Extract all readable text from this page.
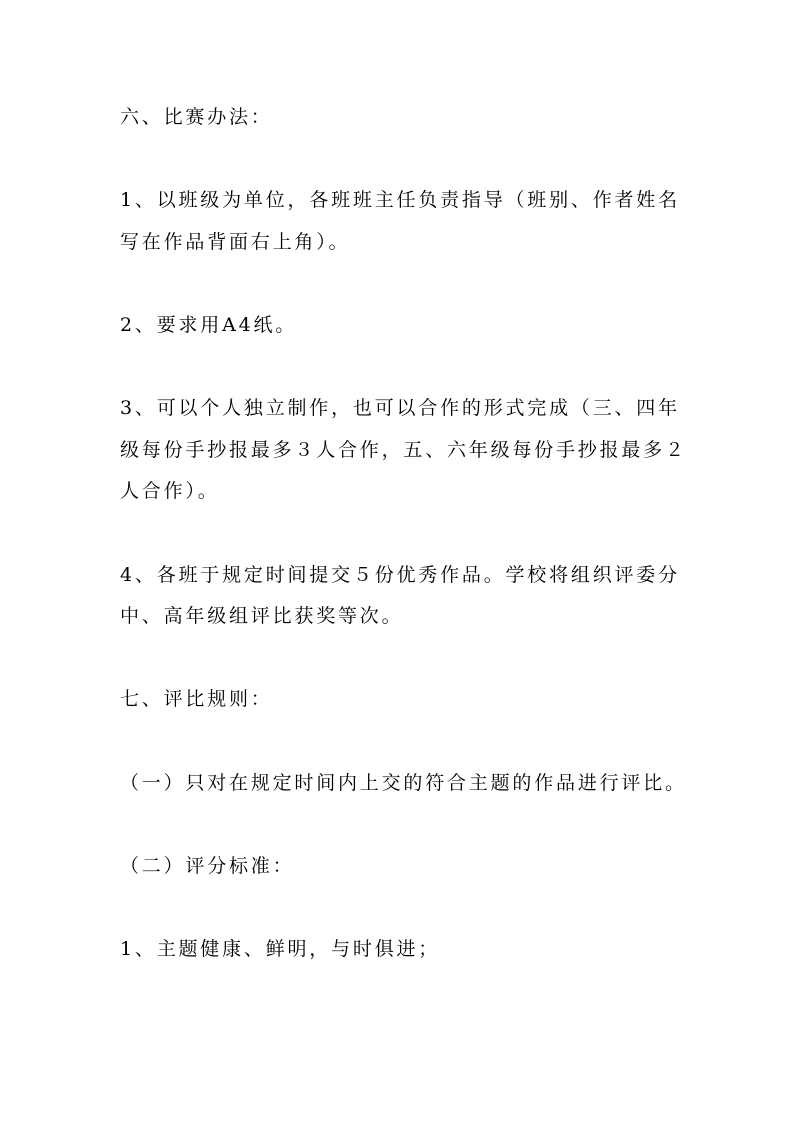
六、比赛办法：
1、以班级为单位，各班班主任负责指导（班别、作者姓名
写在作品背面右上角）。
2、要求用A4纸。
3、可以个人独立制作，也可以合作的形式完成（三、四年
级每份手抄报最多３人合作，五、六年级每份手抄报最多２
人合作）。
4、各班于规定时间提交５份优秀作品。学校将组织评委分
中、高年级组评比获奖等次。
七、评比规则：
（一）只对在规定时间内上交的符合主题的作品进行评比。
（二）评分标准：
1、主题健康、鲜明，与时俱进；
